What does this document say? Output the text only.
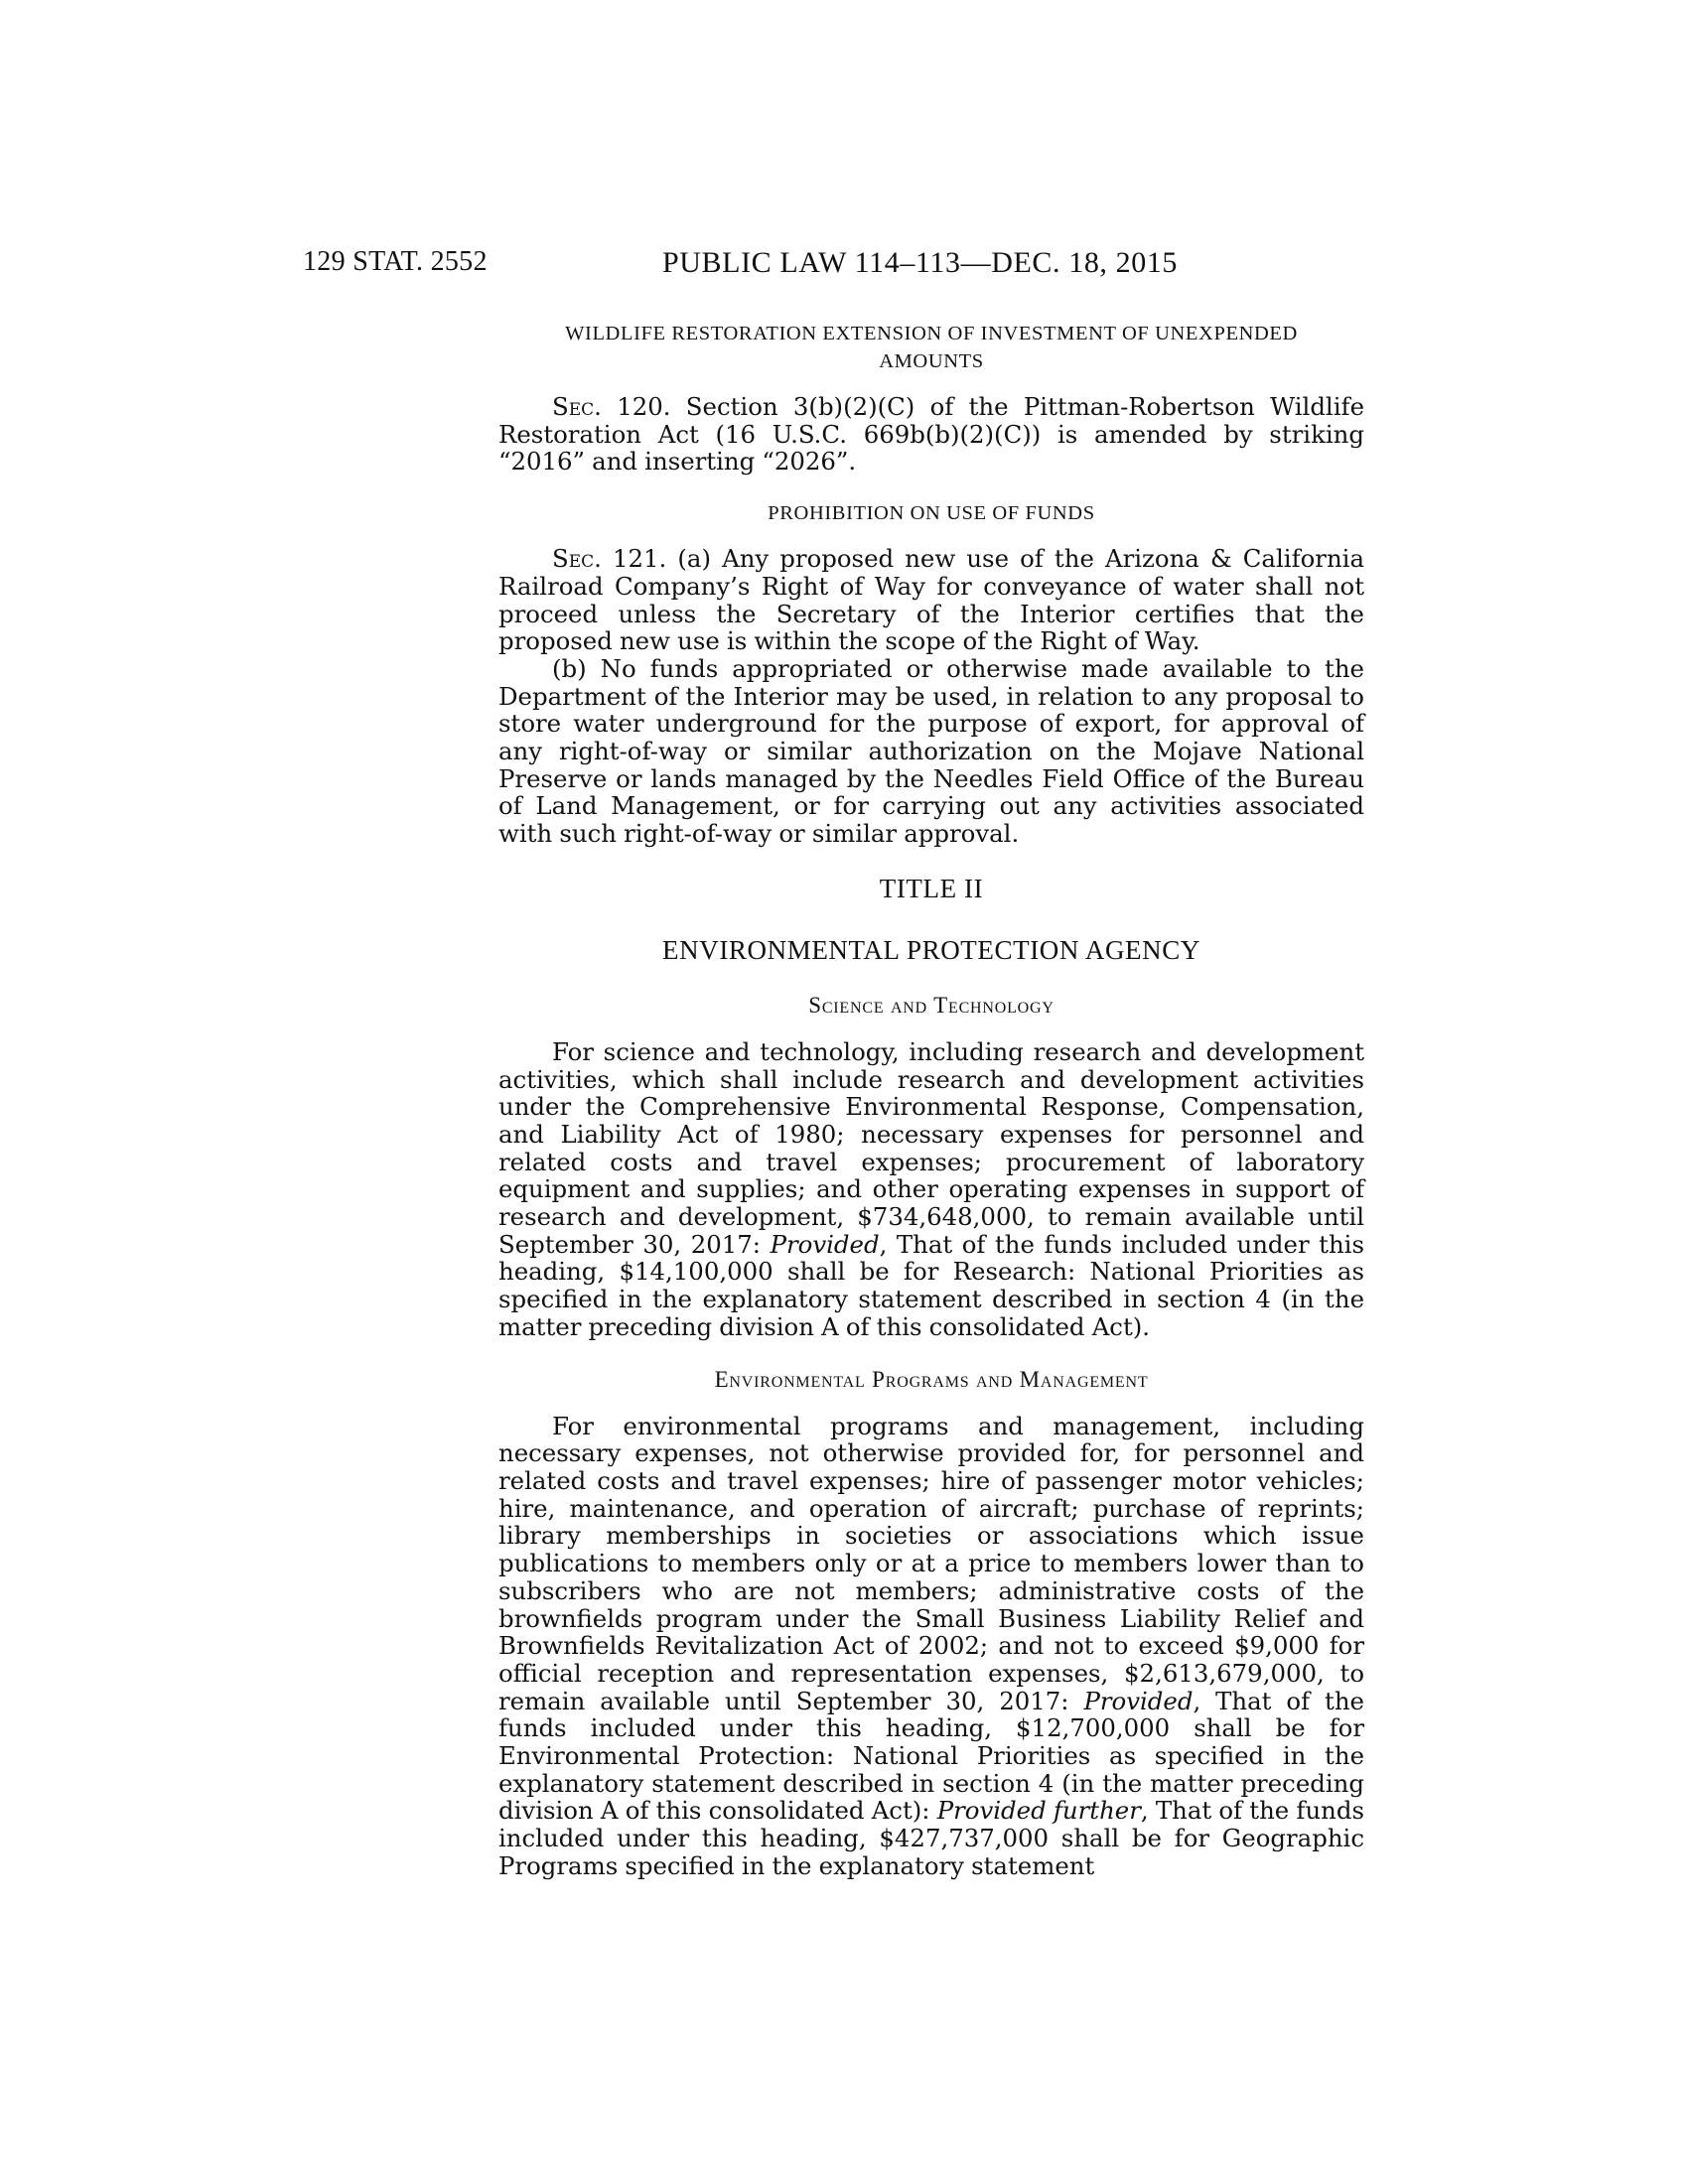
129 STAT. 2552	PUBLIC LAW 114–113—DEC. 18, 2015

WILDLIFE RESTORATION EXTENSION OF INVESTMENT OF UNEXPENDED

AMOUNTS

Sec. 120. Section 3(b)(2)(C) of the Pittman-Robertson Wildlife Restoration Act (16 U.S.C. 669b(b)(2)(C)) is amended by striking “2016” and inserting “2026”.

PROHIBITION ON USE OF FUNDS

Sec. 121. (a) Any proposed new use of the Arizona & California Railroad Company’s Right of Way for conveyance of water shall not proceed unless the Secretary of the Interior certifies that the proposed new use is within the scope of the Right of Way.

(b) No funds appropriated or otherwise made available to the Department of the Interior may be used, in relation to any proposal to store water underground for the purpose of export, for approval of any right-of-way or similar authorization on the Mojave National Preserve or lands managed by the Needles Field Office of the Bureau of Land Management, or for carrying out any activities associated with such right-of-way or similar approval.

TITLE II

ENVIRONMENTAL PROTECTION AGENCY

Science and Technology

For science and technology, including research and development activities, which shall include research and development activities under the Comprehensive Environmental Response, Compensation, and Liability Act of 1980; necessary expenses for personnel and related costs and travel expenses; procurement of laboratory equipment and supplies; and other operating expenses in support of research and development, $734,648,000, to remain available until September 30, 2017: Provided, That of the funds included under this heading, $14,100,000 shall be for Research: National Priorities as specified in the explanatory statement described in section 4 (in the matter preceding division A of this consolidated Act).

Environmental Programs and Management

For environmental programs and management, including necessary expenses, not otherwise provided for, for personnel and related costs and travel expenses; hire of passenger motor vehicles; hire, maintenance, and operation of aircraft; purchase of reprints; library memberships in societies or associations which issue publications to members only or at a price to members lower than to subscribers who are not members; administrative costs of the brownfields program under the Small Business Liability Relief and Brownfields Revitalization Act of 2002; and not to exceed $9,000 for official reception and representation expenses, $2,613,679,000, to remain available until September 30, 2017: Provided, That of the funds included under this heading, $12,700,000 shall be for Environmental Protection: National Priorities as specified in the explanatory statement described in section 4 (in the matter preceding division A of this consolidated Act): Provided further, That of the funds included under this heading, $427,737,000 shall be for Geographic Programs specified in the explanatory statement
